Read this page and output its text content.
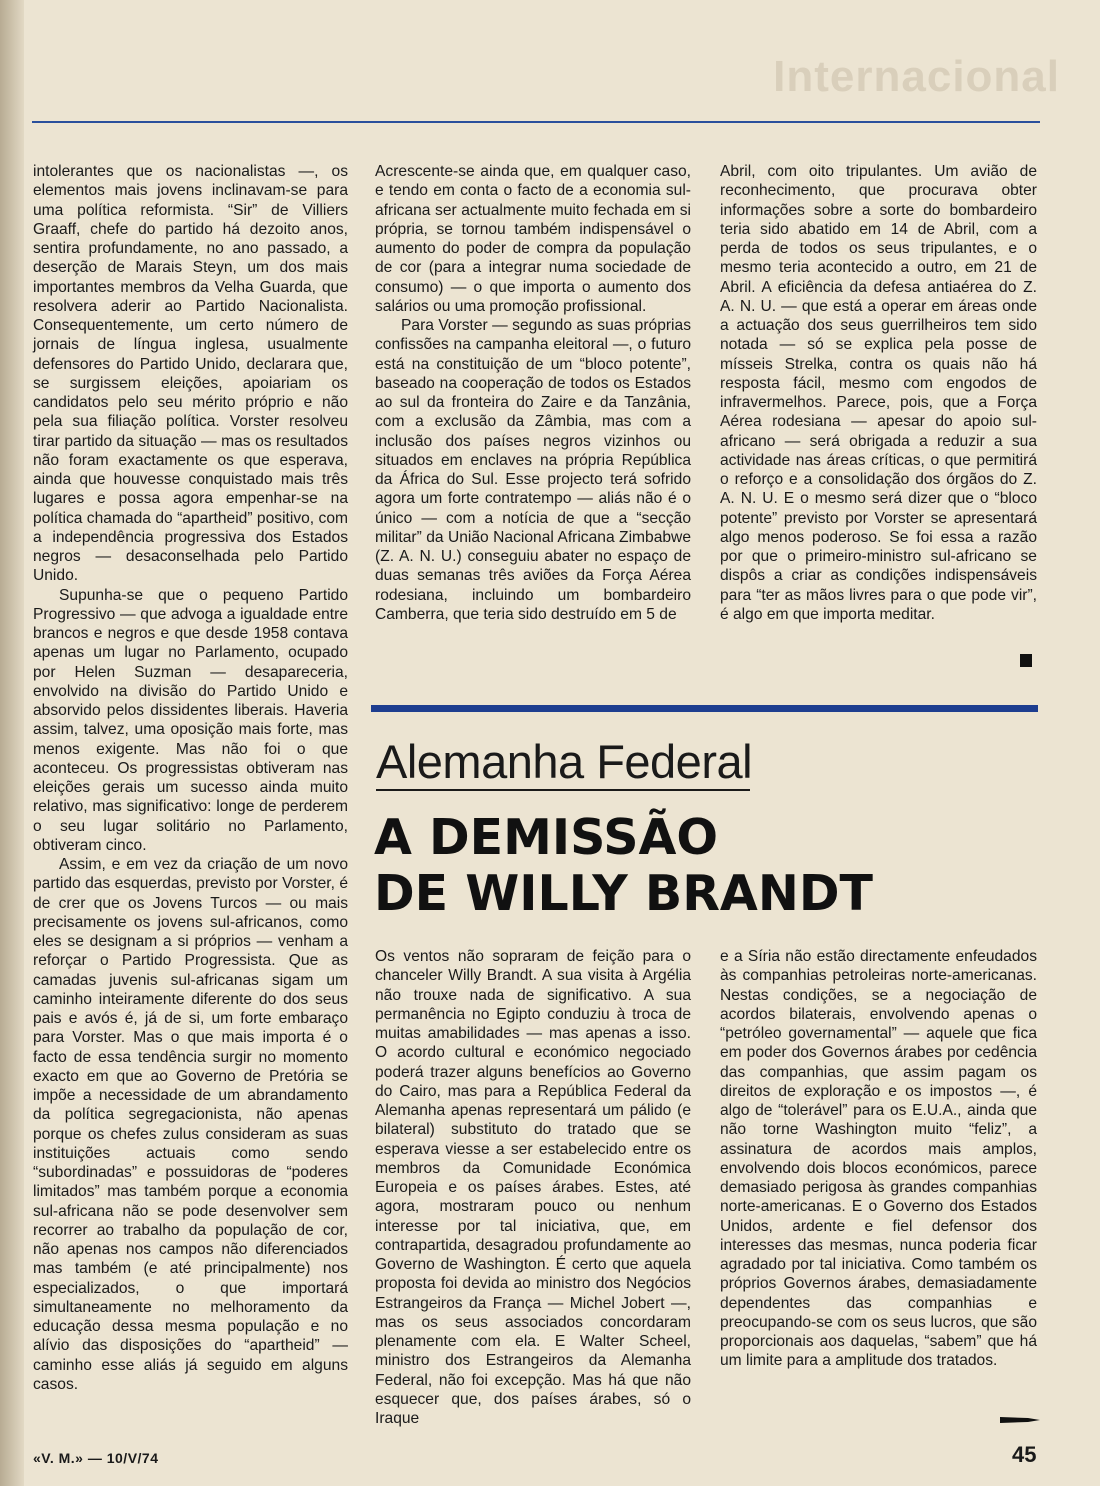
Internacional

intolerantes que os nacionalistas —, os elementos mais jovens inclinavam-se para uma política reformista. “Sir” de Villiers Graaff, chefe do partido há dezoito anos, sentira profundamente, no ano passado, a deserção de Marais Steyn, um dos mais importantes membros da Velha Guarda, que resolvera aderir ao Partido Nacionalista. Consequentemente, um certo número de jornais de língua inglesa, usualmente defensores do Partido Unido, declarara que, se surgissem eleições, apoiariam os candidatos pelo seu mérito próprio e não pela sua filiação política. Vorster resolveu tirar partido da situação — mas os resultados não foram exactamente os que esperava, ainda que houvesse conquistado mais três lugares e possa agora empenhar-se na política chamada do “apartheid” positivo, com a independência progressiva dos Estados negros — desaconselhada pelo Partido Unido.

Supunha-se que o pequeno Partido Progressivo — que advoga a igualdade entre brancos e negros e que desde 1958 contava apenas um lugar no Parlamento, ocupado por Helen Suzman — desapareceria, envolvido na divisão do Partido Unido e absorvido pelos dissidentes liberais. Haveria assim, talvez, uma oposição mais forte, mas menos exigente. Mas não foi o que aconteceu. Os progressistas obtiveram nas eleições gerais um sucesso ainda muito relativo, mas significativo: longe de perderem o seu lugar solitário no Parlamento, obtiveram cinco.

Assim, e em vez da criação de um novo partido das esquerdas, previsto por Vorster, é de crer que os Jovens Turcos — ou mais precisamente os jovens sul-africanos, como eles se designam a si próprios — venham a reforçar o Partido Progressista. Que as camadas juvenis sul-africanas sigam um caminho inteiramente diferente do dos seus pais e avós é, já de si, um forte embaraço para Vorster. Mas o que mais importa é o facto de essa tendência surgir no momento exacto em que ao Governo de Pretória se impõe a necessidade de um abrandamento da política segregacionista, não apenas porque os chefes zulus consideram as suas instituições actuais como sendo “subordinadas” e possuidoras de “poderes limitados” mas também porque a economia sul-africana não se pode desenvolver sem recorrer ao trabalho da população de cor, não apenas nos campos não diferenciados mas também (e até principalmente) nos especializados, o que importará simultaneamente no melhoramento da educação dessa mesma população e no alívio das disposições do “apartheid” — caminho esse aliás já seguido em alguns casos.

Acrescente-se ainda que, em qualquer caso, e tendo em conta o facto de a economia sul-africana ser actualmente muito fechada em si própria, se tornou também indispensável o aumento do poder de compra da população de cor (para a integrar numa sociedade de consumo) — o que importa o aumento dos salários ou uma promoção profissional.

Para Vorster — segundo as suas próprias confissões na campanha eleitoral —, o futuro está na constituição de um “bloco potente”, baseado na cooperação de todos os Estados ao sul da fronteira do Zaire e da Tanzânia, com a exclusão da Zâmbia, mas com a inclusão dos países negros vizinhos ou situados em enclaves na própria República da África do Sul. Esse projecto terá sofrido agora um forte contratempo — aliás não é o único — com a notícia de que a “secção militar” da União Nacional Africana Zimbabwe (Z. A. N. U.) conseguiu abater no espaço de duas semanas três aviões da Força Aérea rodesiana, incluindo um bombardeiro Camberra, que teria sido destruído em 5 de

Abril, com oito tripulantes. Um avião de reconhecimento, que procurava obter informações sobre a sorte do bombardeiro teria sido abatido em 14 de Abril, com a perda de todos os seus tripulantes, e o mesmo teria acontecido a outro, em 21 de Abril. A eficiência da defesa antiaérea do Z. A. N. U. — que está a operar em áreas onde a actuação dos seus guerrilheiros tem sido notada — só se explica pela posse de mísseis Strelka, contra os quais não há resposta fácil, mesmo com engodos de infravermelhos. Parece, pois, que a Força Aérea rodesiana — apesar do apoio sul-africano — será obrigada a reduzir a sua actividade nas áreas críticas, o que permitirá o reforço e a consolidação dos órgãos do Z. A. N. U. E o mesmo será dizer que o “bloco potente” previsto por Vorster se apresentará algo menos poderoso. Se foi essa a razão por que o primeiro-ministro sul-africano se dispôs a criar as condições indispensáveis para “ter as mãos livres para o que pode vir”, é algo em que importa meditar.

Alemanha Federal
A DEMISSÃO
DE WILLY BRANDT

Os ventos não sopraram de feição para o chanceler Willy Brandt. A sua visita à Argélia não trouxe nada de significativo. A sua permanência no Egipto conduziu à troca de muitas amabilidades — mas apenas a isso. O acordo cultural e económico negociado poderá trazer alguns benefícios ao Governo do Cairo, mas para a República Federal da Alemanha apenas representará um pálido (e bilateral) substituto do tratado que se esperava viesse a ser estabelecido entre os membros da Comunidade Económica Europeia e os países árabes. Estes, até agora, mostraram pouco ou nenhum interesse por tal iniciativa, que, em contrapartida, desagradou profundamente ao Governo de Washington. É certo que aquela proposta foi devida ao ministro dos Negócios Estrangeiros da França — Michel Jobert —, mas os seus associados concordaram plenamente com ela. E Walter Scheel, ministro dos Estrangeiros da Alemanha Federal, não foi excepção. Mas há que não esquecer que, dos países árabes, só o Iraque

e a Síria não estão directamente enfeudados às companhias petroleiras norte-americanas. Nestas condições, se a negociação de acordos bilaterais, envolvendo apenas o “petróleo governamental” — aquele que fica em poder dos Governos árabes por cedência das companhias, que assim pagam os direitos de exploração e os impostos —, é algo de “tolerável” para os E.U.A., ainda que não torne Washington muito “feliz”, a assinatura de acordos mais amplos, envolvendo dois blocos económicos, parece demasiado perigosa às grandes companhias norte-americanas. E o Governo dos Estados Unidos, ardente e fiel defensor dos interesses das mesmas, nunca poderia ficar agradado por tal iniciativa. Como também os próprios Governos árabes, demasiadamente dependentes das companhias e preocupando-se com os seus lucros, que são proporcionais aos daquelas, “sabem” que há um limite para a amplitude dos tratados.

«V. M.» — 10/V/74	45
